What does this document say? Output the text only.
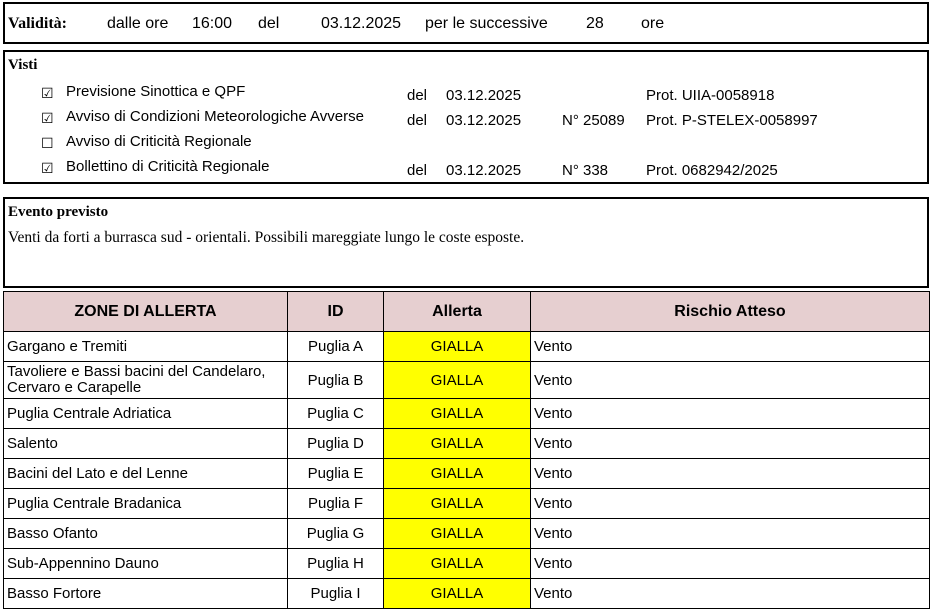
Validità:	dalle ore 16:00 del	03.12.2025 per le successive 28 ore
Visti
☑ Previsione Sinottica e QPF	del 03.12.2025	Prot. UIIA-0058918
☑ Avviso di Condizioni Meteorologiche Avverse	del 03.12.2025	N° 25089 Prot. P-STELEX-0058997
☐ Avviso di Criticità Regionale
☑ Bollettino di Criticità Regionale	del 03.12.2025	N° 338	Prot. 0682942/2025
Evento previsto
Venti da forti a burrasca sud - orientali. Possibili mareggiate lungo le coste esposte.
ZONE DI ALLERTA	ID	Allerta	Rischio Atteso
Gargano e Tremiti	Puglia A	GIALLA	Vento
Tavoliere e Bassi bacini del Candelaro, Cervaro e Carapelle	Puglia B	GIALLA	Vento
Puglia Centrale Adriatica	Puglia C	GIALLA	Vento
Salento	Puglia D	GIALLA	Vento
Bacini del Lato e del Lenne	Puglia E	GIALLA	Vento
Puglia Centrale Bradanica	Puglia F	GIALLA	Vento
Basso Ofanto	Puglia G	GIALLA	Vento
Sub-Appennino Dauno	Puglia H	GIALLA	Vento
Basso Fortore	Puglia I	GIALLA	Vento
